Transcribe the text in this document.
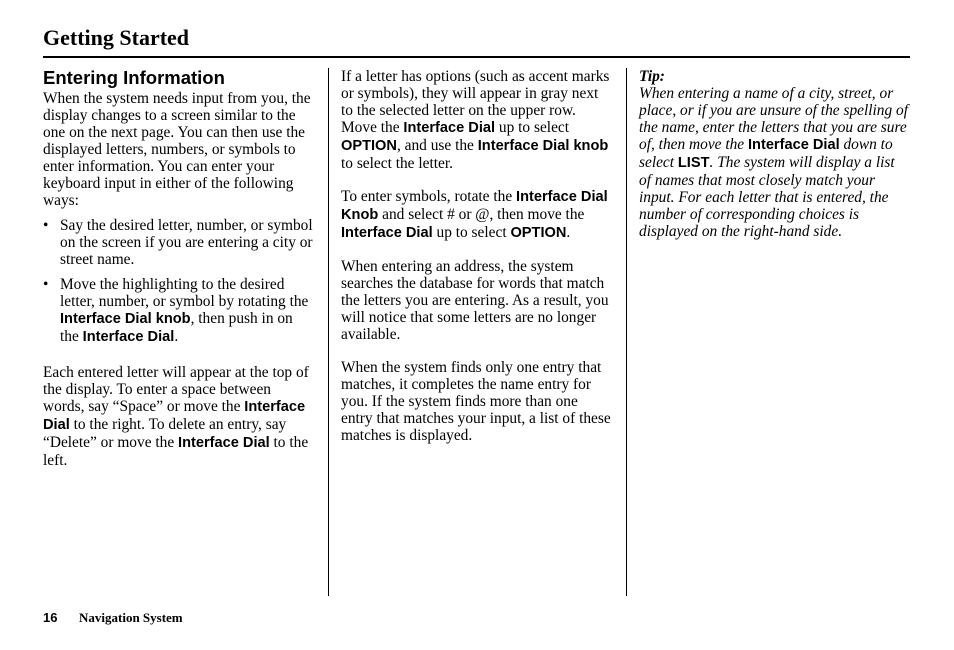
Getting Started
Entering Information

When the system needs input from you, the display changes to a screen similar to the one on the next page. You can then use the displayed letters, numbers, or symbols to enter information. You can enter your keyboard input in either of the following ways:

• Say the desired letter, number, or symbol on the screen if you are entering a city or street name.
• Move the highlighting to the desired letter, number, or symbol by rotating the Interface Dial knob, then push in on the Interface Dial.

Each entered letter will appear at the top of the display. To enter a space between words, say “Space” or move the Interface Dial to the right. To delete an entry, say “Delete” or move the Interface Dial to the left.

If a letter has options (such as accent marks or symbols), they will appear in gray next to the selected letter on the upper row. Move the Interface Dial up to select OPTION, and use the Interface Dial knob to select the letter.

To enter symbols, rotate the Interface Dial Knob and select # or @, then move the Interface Dial up to select OPTION.

When entering an address, the system searches the database for words that match the letters you are entering. As a result, you will notice that some letters are no longer available.

When the system finds only one entry that matches, it completes the name entry for you. If the system finds more than one entry that matches your input, a list of these matches is displayed.

Tip:

When entering a name of a city, street, or place, or if you are unsure of the spelling of the name, enter the letters that you are sure of, then move the Interface Dial down to select LIST. The system will display a list of names that most closely match your input. For each letter that is entered, the number of corresponding choices is displayed on the right-hand side.

16 Navigation System
